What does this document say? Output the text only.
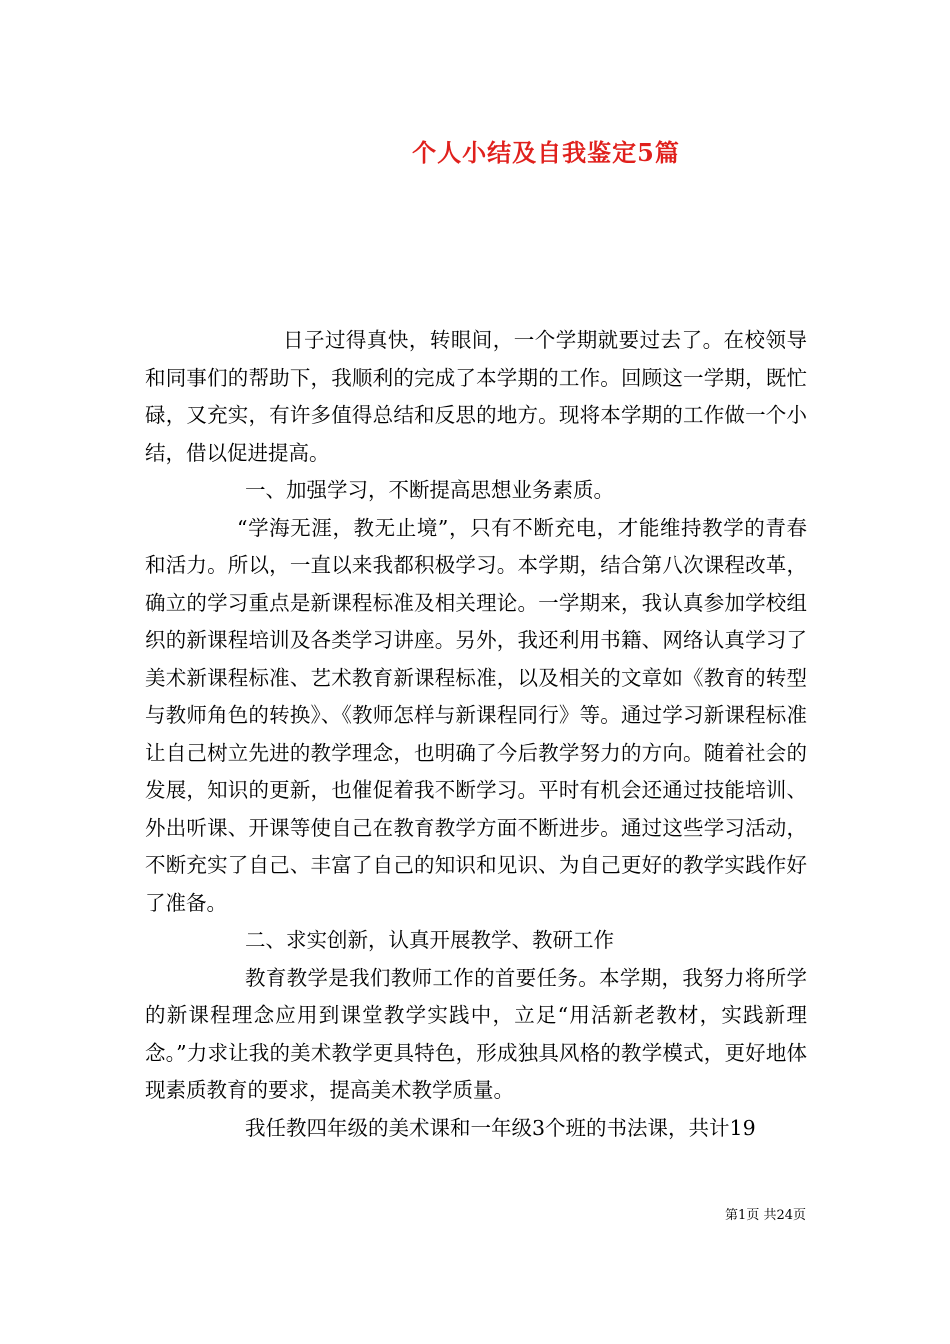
个人小结及自我鉴定5篇

日子过得真快，转眼间，一个学期就要过去了。在校领导和同事们的帮助下，我顺利的完成了本学期的工作。回顾这一学期，既忙碌，又充实，有许多值得总结和反思的地方。现将本学期的工作做一个小结，借以促进提高。

一、加强学习，不断提高思想业务素质。

“学海无涯，教无止境”，只有不断充电，才能维持教学的青春和活力。所以，一直以来我都积极学习。本学期，结合第八次课程改革，确立的学习重点是新课程标准及相关理论。一学期来，我认真参加学校组织的新课程培训及各类学习讲座。另外，我还利用书籍、网络认真学习了美术新课程标准、艺术教育新课程标准，以及相关的文章如《教育的转型与教师角色的转换》、《教师怎样与新课程同行》等。通过学习新课程标准让自己树立先进的教学理念，也明确了今后教学努力的方向。随着社会的发展，知识的更新，也催促着我不断学习。平时有机会还通过技能培训、外出听课、开课等使自己在教育教学方面不断进步。通过这些学习活动，不断充实了自己、丰富了自己的知识和见识、为自己更好的教学实践作好了准备。

二、求实创新，认真开展教学、教研工作

教育教学是我们教师工作的首要任务。本学期，我努力将所学的新课程理念应用到课堂教学实践中，立足“用活新老教材，实践新理念。”力求让我的美术教学更具特色，形成独具风格的教学模式，更好地体现素质教育的要求，提高美术教学质量。

我任教四年级的美术课和一年级3个班的书法课，共计19

第1页 共24页
